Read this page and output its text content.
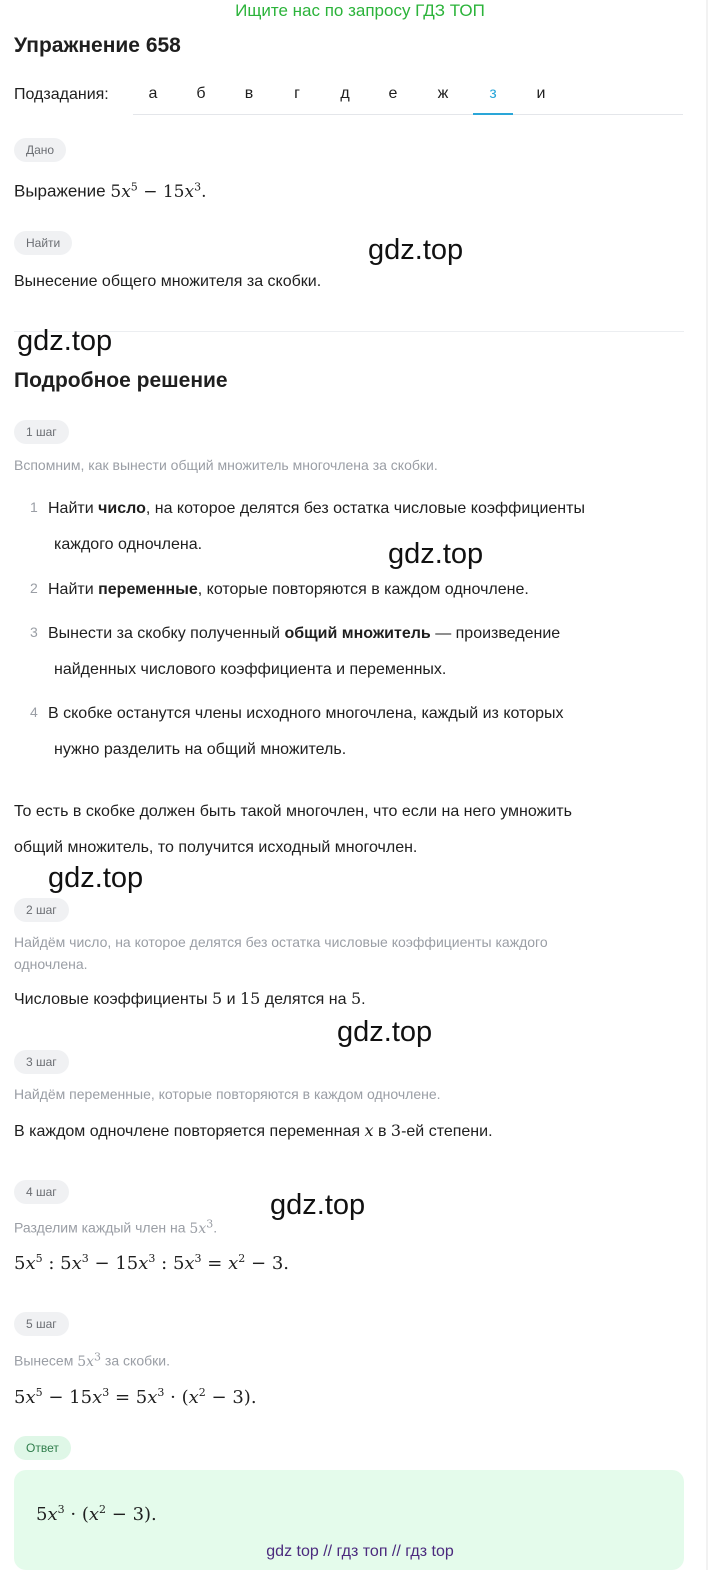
Ищите нас по запросу ГДЗ ТОП
Упражнение 658
Подзадания:	а	б	в	г	д	е	ж	з	и
Дано
Выражение $5x^5 - 15x^3$.
Найти	gdz.top
Вынесение общего множителя за скобки.
gdz.top
Подробное решение
1 шаг
Вспомним, как вынести общий множитель многочлена за скобки.
1 Найти число, на которое делятся без остатка числовые коэффициенты
каждого одночлена.	gdz.top
2 Найти переменные, которые повторяются в каждом одночлене.
3 Вынести за скобку полученный общий множитель — произведение
найденных числового коэффициента и переменных.
4 В скобке останутся члены исходного многочлена, каждый из которых
нужно разделить на общий множитель.
То есть в скобке должен быть такой многочлен, что если на него умножить
общий множитель, то получится исходный многочлен.
gdz.top
2 шаг
Найдём число, на которое делятся без остатка числовые коэффициенты каждого
одночлена.
Числовые коэффициенты 5 и 15 делятся на 5.
gdz.top
3 шаг
Найдём переменные, которые повторяются в каждом одночлене.
В каждом одночлене повторяется переменная x в 3-ей степени.
4 шаг	gdz.top
Разделим каждый член на $5x^3$.
$5x^5$ : $5x^3 - 15x^3$ : $5x^3 = x^2 - 3$.
5 шаг
Вынесем $5x^3$ за скобки.
$5x^5 - 15x^3 = 5x^3 \cdot (x^2 - 3)$.
Ответ
$5x^3 \cdot (x^2 - 3)$.
gdz top // гдз топ // гдз top
